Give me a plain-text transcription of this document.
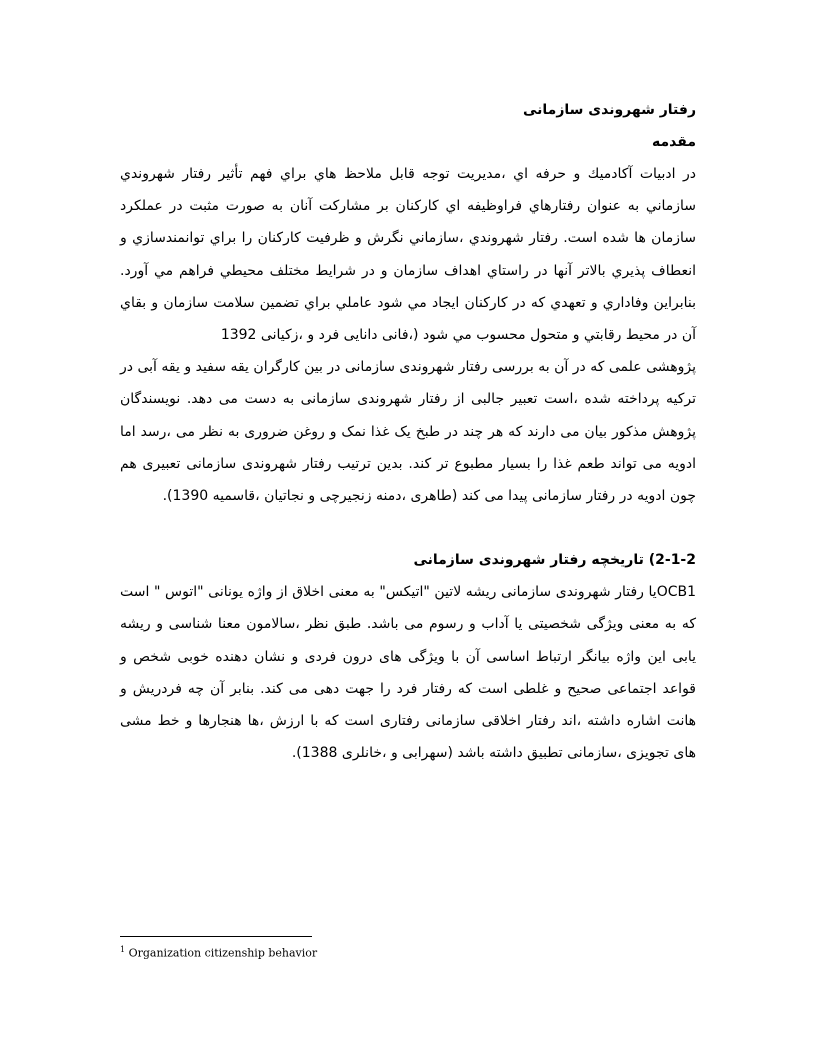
رفتار شهروندی سازمانی

مقدمه

در ادبيات آكادميك و حرفه اي ،مديريت توجه قابل ملاحظ هاي براي فهم تأثير رفتار شهروندي سازماني به عنوان رفتارهاي فراوظيفه اي كاركنان بر مشاركت آنان به صورت مثبت در عملكرد سازمان ها شده است. رفتار شهروندي ،سازماني نگرش و ظرفيت كاركنان را براي توانمندسازي و انعطاف پذيري بالاتر آنها در راستاي اهداف سازمان و در شرايط مختلف محيطي فراهم مي آورد. بنابراين وفاداري و تعهدي كه در كاركنان ايجاد مي شود عاملي براي تضمين سلامت سازمان و بقاي آن در محيط رقابتي و متحول محسوب مي شود (،فانی دانايی فرد و ،زكيانی 1392

پژوهشی علمی که در آن به بررسی رفتار شهروندی سازمانی در بین کارگران یقه سفید و یقه آبی در ترکیه پرداخته شده ،است تعبیر جالبی از رفتار شهروندی سازمانی به دست می دهد. نویسندگان پژوهش مذکور بیان می دارند که هر چند در طبخ یک غذا نمک و روغن ضروری به نظر می ،رسد اما ادویه می تواند طعم غذا را بسیار مطبوع تر کند. بدین ترتیب رفتار شهروندی سازمانی تعبیری هم چون ادویه در رفتار سازمانی پیدا می کند (طاهری ،دمنه زنجیرچی و نجاتیان ،قاسمیه 1390).

2-1-2) تاریخچه رفتار شهروندی سازمانی

OCB1یا رفتار شهروندی سازمانی ریشه لاتین "اتیکس" به معنی اخلاق از واژه یونانی "اتوس " است که به معنی ویژگی شخصیتی یا آداب و رسوم می باشد. طبق نظر ،سالامون معنا شناسی و ریشه یابی این واژه بیانگر ارتباط اساسی آن با ویژگی های درون فردی و نشان دهنده خوبی شخص و قواعد اجتماعی صحیح و غلطی است که رفتار فرد را جهت دهی می کند. بنابر آن چه فردریش و هانت اشاره داشته ،اند رفتار اخلاقی سازمانی رفتاری است که با ارزش ،ها هنجارها و خط مشی های تجویزی ،سازمانی تطبیق داشته باشد (سهرابی و ،خانلری 1388).

$^1$ Organization citizenship behavior
